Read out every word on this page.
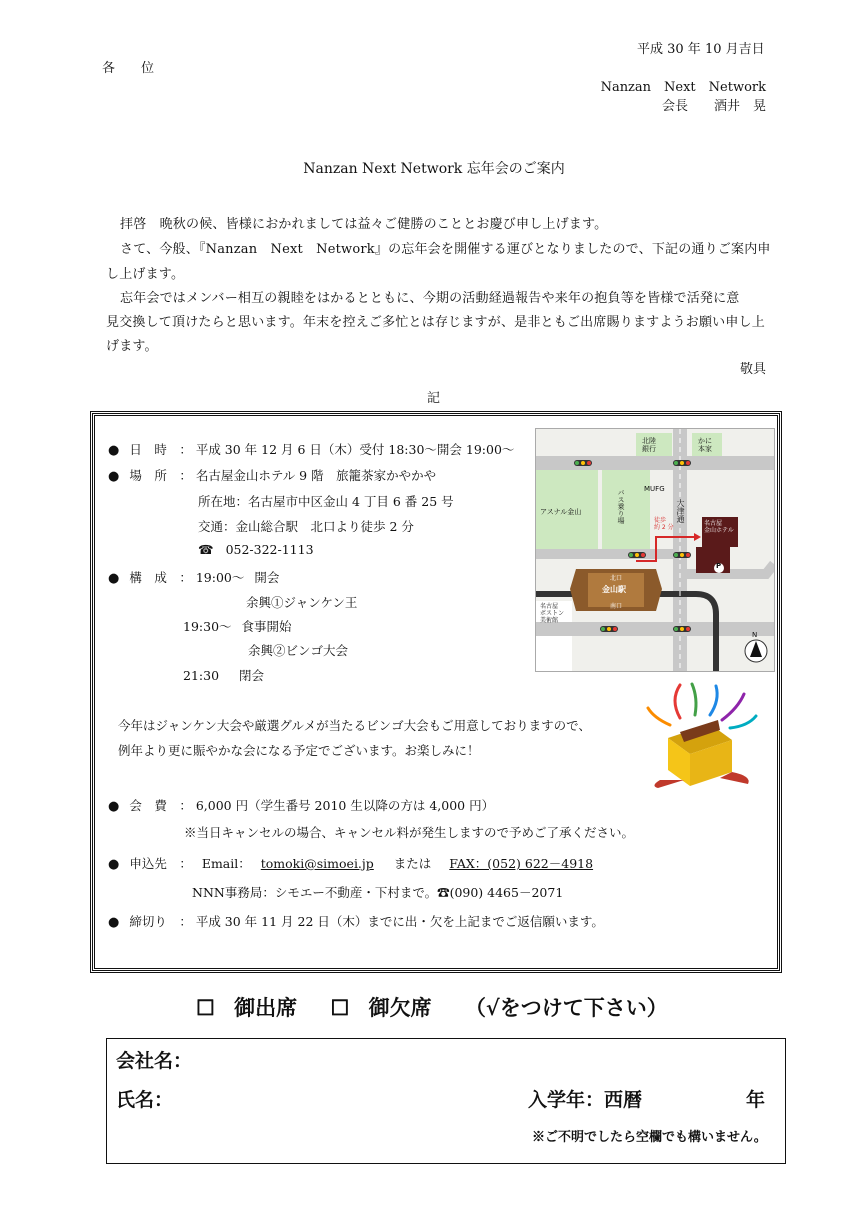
平成 30 年 10 月吉日
各　　位
Nanzan　Next　Network
会長　　酒井　晃
Nanzan Next Network 忘年会のご案内
拝啓　晩秋の候、皆様におかれましては益々ご健勝のこととお慶び申し上げます。
さて、今般、『Nanzan　Next　Network』の忘年会を開催する運びとなりましたので、下記の通りご案内申
し上げます。
忘年会ではメンバー相互の親睦をはかるとともに、今期の活動経過報告や来年の抱負等を皆様で活発に意
見交換して頂けたらと思います。年末を控えご多忙とは存じますが、是非ともご出席賜りますようお願い申し上
げます。
敬具
記
● 日　時　： 平成 30 年 12 月 6 日（木）受付 18:30〜開会 19:00〜
● 場　所　： 名古屋金山ホテル 9 階　旅籠茶家かやかや
所在地：名古屋市中区金山 4 丁目 6 番 25 号
交通：金山総合駅　北口より徒歩 2 分
☎ 052-322-1113
● 構　成　： 19:00〜 開会
余興①ジャンケン王
19:30〜 食事開始
余興②ビンゴ大会
21:30 閉会
今年はジャンケン大会や厳選グルメが当たるビンゴ大会もご用意しておりますので、
例年より更に賑やかな会になる予定でございます。お楽しみに！
● 会　費　： 6,000 円（学生番号 2010 生以降の方は 4,000 円）
※当日キャンセルの場合、キャンセル料が発生しますので予めご了承ください。
● 申込先　： Email： tomoki@simoei.jp または FAX：(052) 622－4918
NNN事務局：シモエー不動産・下村まで。☎(090) 4465－2071
● 締切り　： 平成 30 年 11 月 22 日（木）までに出・欠を上記までご返信願います。
北陸
銀行
かに
本家
MUFG
アスナル金山	バス乗り場	大津通
徒歩
約 2 分
名古屋
金山ホテル
北口
金山駅
南口
名古屋
ボストン
美術館
P
N
☐ 御出席 ☐ 御欠席 （√をつけて下さい）
会社名：
氏名：	入学年：西暦	年
※ご不明でしたら空欄でも構いません。
